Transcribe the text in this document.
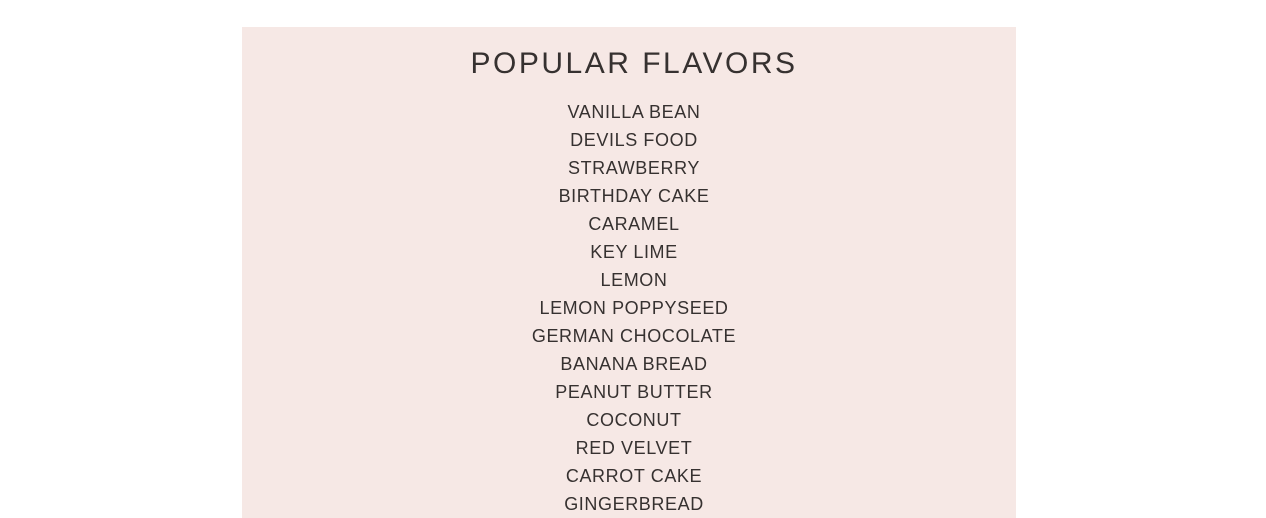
POPULAR FLAVORS
VANILLA BEAN
DEVILS FOOD
STRAWBERRY
BIRTHDAY CAKE
CARAMEL
KEY LIME
LEMON
LEMON POPPYSEED
GERMAN CHOCOLATE
BANANA BREAD
PEANUT BUTTER
COCONUT
RED VELVET
CARROT CAKE
GINGERBREAD
